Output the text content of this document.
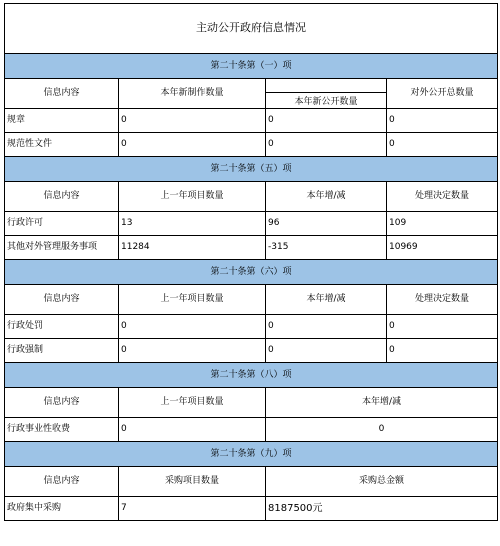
主动公开政府信息情况			
第二十条第（一）项			
信息内容	本年新制作数量	本年新公开数量	对外公开总数量
规章	0	0	0
规范性文件	0	0	0
第二十条第（五）项			
信息内容	上一年项目数量	本年增/减	处理决定数量
行政许可	13	96	109
其他对外管理服务事项	11284	-315	10969
第二十条第（六）项			
信息内容	上一年项目数量	本年增/减	处理决定数量
行政处罚	0	0	0
行政强制	0	0	0
第二十条第（八）项			
信息内容	上一年项目数量	本年增/减	
行政事业性收费	0	0	
第二十条第（九）项			
信息内容	采购项目数量	采购总金额	
政府集中采购	7	8187500元	
